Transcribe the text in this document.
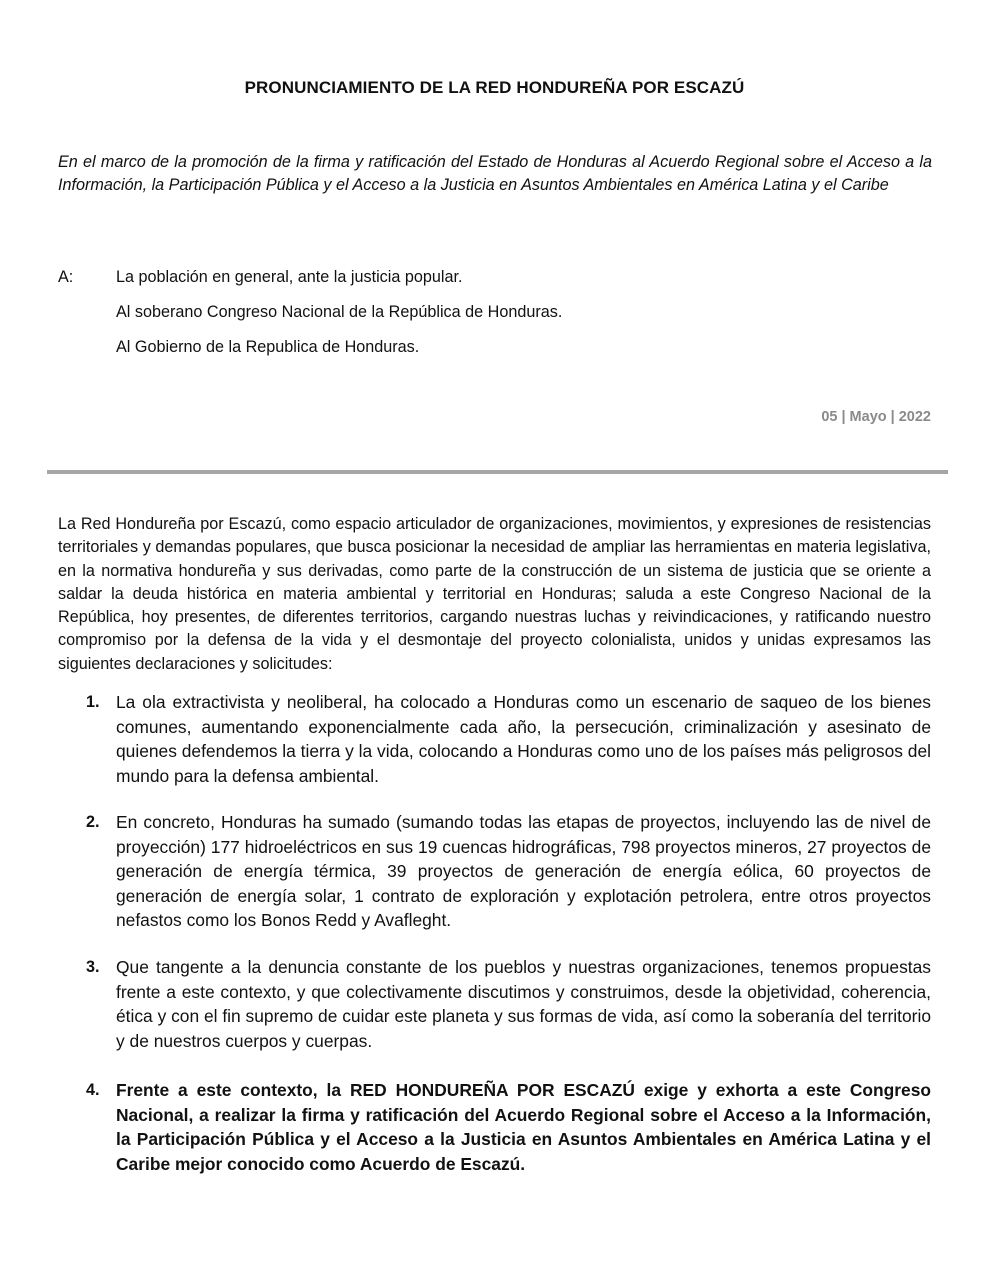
PRONUNCIAMIENTO DE LA RED HONDUREÑA POR ESCAZÚ
En el marco de la promoción de la firma y ratificación del Estado de Honduras al Acuerdo Regional sobre el Acceso a la Información, la Participación Pública y el Acceso a la Justicia en Asuntos Ambientales en América Latina y el Caribe
A:	La población en general, ante la justicia popular.
Al soberano Congreso Nacional de la República de Honduras.
Al Gobierno de la Republica de Honduras.
05 | Mayo | 2022
La Red Hondureña por Escazú, como espacio articulador de organizaciones, movimientos, y expresiones de resistencias territoriales y demandas populares, que busca posicionar la necesidad de ampliar las herramientas en materia legislativa, en la normativa hondureña y sus derivadas, como parte de la construcción de un sistema de justicia que se oriente a saldar la deuda histórica en materia ambiental y territorial en Honduras; saluda a este Congreso Nacional de la República, hoy presentes, de diferentes territorios, cargando nuestras luchas y reivindicaciones, y ratificando nuestro compromiso por la defensa de la vida y el desmontaje del proyecto colonialista, unidos y unidas expresamos las siguientes declaraciones y solicitudes:
1. La ola extractivista y neoliberal, ha colocado a Honduras como un escenario de saqueo de los bienes comunes, aumentando exponencialmente cada año, la persecución, criminalización y asesinato de quienes defendemos la tierra y la vida, colocando a Honduras como uno de los países más peligrosos del mundo para la defensa ambiental.
2. En concreto, Honduras ha sumado (sumando todas las etapas de proyectos, incluyendo las de nivel de proyección) 177 hidroeléctricos en sus 19 cuencas hidrográficas, 798 proyectos mineros, 27 proyectos de generación de energía térmica, 39 proyectos de generación de energía eólica, 60 proyectos de generación de energía solar, 1 contrato de exploración y explotación petrolera, entre otros proyectos nefastos como los Bonos Redd y Avafleght.
3. Que tangente a la denuncia constante de los pueblos y nuestras organizaciones, tenemos propuestas frente a este contexto, y que colectivamente discutimos y construimos, desde la objetividad, coherencia, ética y con el fin supremo de cuidar este planeta y sus formas de vida, así como la soberanía del territorio y de nuestros cuerpos y cuerpas.
4. Frente a este contexto, la RED HONDUREÑA POR ESCAZÚ exige y exhorta a este Congreso Nacional, a realizar la firma y ratificación del Acuerdo Regional sobre el Acceso a la Información, la Participación Pública y el Acceso a la Justicia en Asuntos Ambientales en América Latina y el Caribe mejor conocido como Acuerdo de Escazú.
